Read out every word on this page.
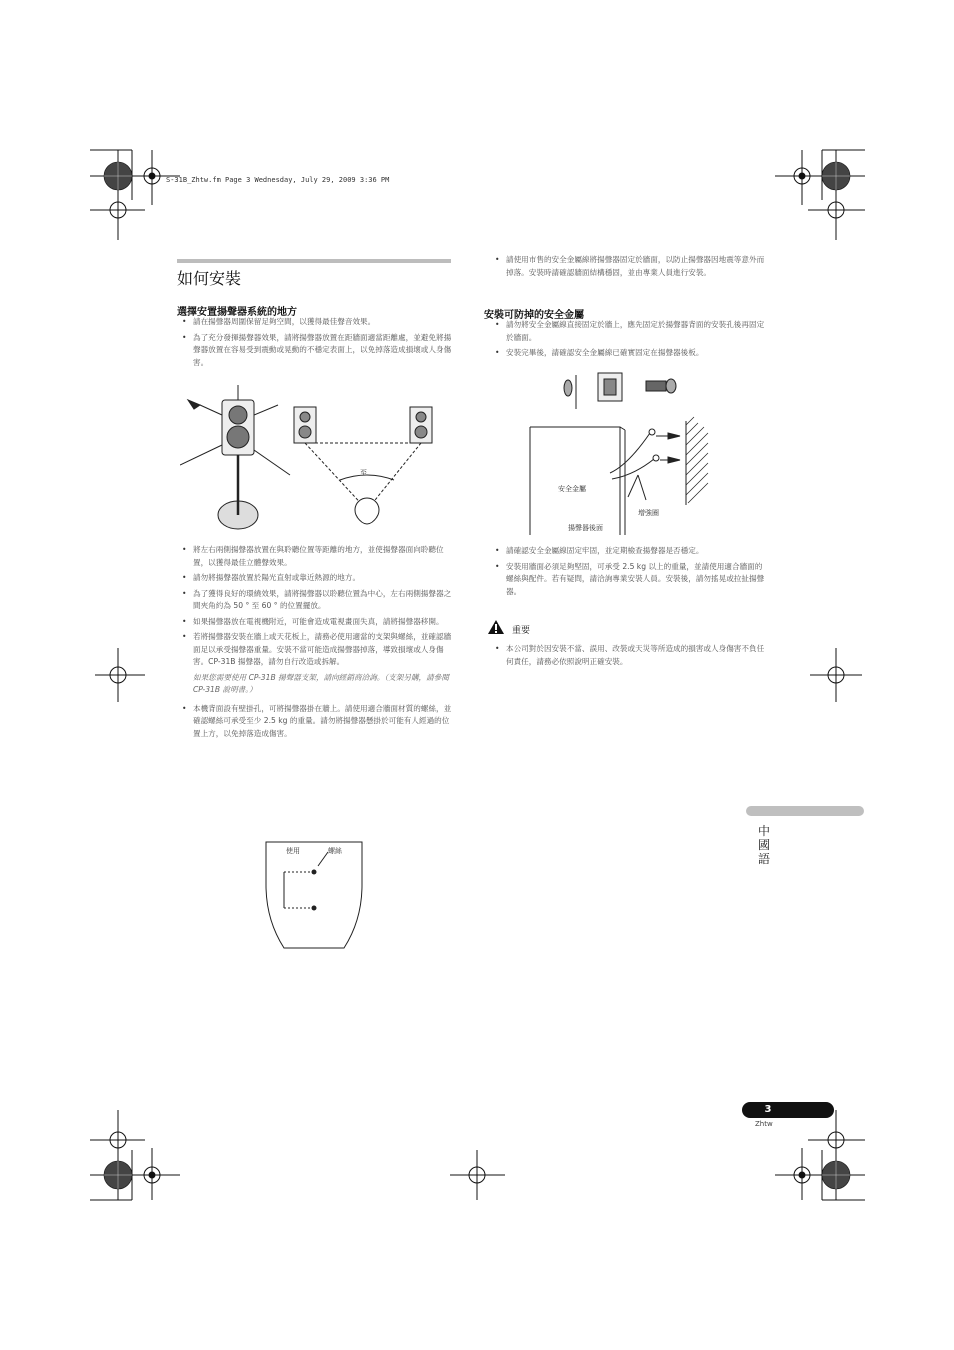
S-31B_Zhtw.fm Page 3 Wednesday, July 29, 2009 3:36 PM
如何安裝
選擇安置揚聲器系統的地方
• 請在揚聲器周圍保留足夠空間，以獲得最佳聲音效果。
• 為了充分發揮揚聲器效果，請將揚聲器放置在距牆面適當距離處，並避免將揚聲器放置在容易受到震動或晃動的不穩定表面上，以免掉落造成損壞或人身傷害。
至
• 將左右兩側揚聲器放置在與聆聽位置等距離的地方，並使揚聲器面向聆聽位置，以獲得最佳立體聲效果。
• 請勿將揚聲器放置於陽光直射或靠近熱源的地方。
• 為了獲得良好的環繞效果，請將揚聲器以聆聽位置為中心，左右兩側揚聲器之間夾角約為 50 ° 至 60 ° 的位置擺放。
• 如果揚聲器放在電視機附近，可能會造成電視畫面失真，請將揚聲器移開。
• 若將揚聲器安裝在牆上或天花板上，請務必使用適當的支架與螺絲，並確認牆面足以承受揚聲器重量。安裝不當可能造成揚聲器掉落，導致損壞或人身傷害。CP-31B 揚聲器，請勿自行改造或拆解。
如果您需要使用 CP-31B 揚聲器支架，請向經銷商洽詢。（支架另購，請參閱 CP-31B 說明書。）
• 本機背面設有壁掛孔，可將揚聲器掛在牆上。請使用適合牆面材質的螺絲，並確認螺絲可承受至少 2.5 kg 的重量。請勿將揚聲器懸掛於可能有人經過的位置上方，以免掉落造成傷害。
使用	螺絲
• 請使用市售的安全金屬線將揚聲器固定於牆面，以防止揚聲器因地震等意外而掉落。安裝時請確認牆面結構穩固，並由專業人員進行安裝。
安裝可防掉的安全金屬
• 請勿將安全金屬線直接固定於牆上，應先固定於揚聲器背面的安裝孔後再固定於牆面。
• 安裝完畢後，請確認安全金屬線已確實固定在揚聲器後板。
安全金屬
增強圈
揚聲器後面
• 請確認安全金屬線固定牢固，並定期檢查揚聲器是否穩定。
• 安裝用牆面必須足夠堅固，可承受 2.5 kg 以上的重量，並請使用適合牆面的螺絲與配件。若有疑問，請洽詢專業安裝人員。安裝後，請勿搖晃或拉扯揚聲器。
重要
• 本公司對於因安裝不當、誤用、改裝或天災等所造成的損害或人身傷害不負任何責任，請務必依照說明正確安裝。
中國語
3
Zhtw
